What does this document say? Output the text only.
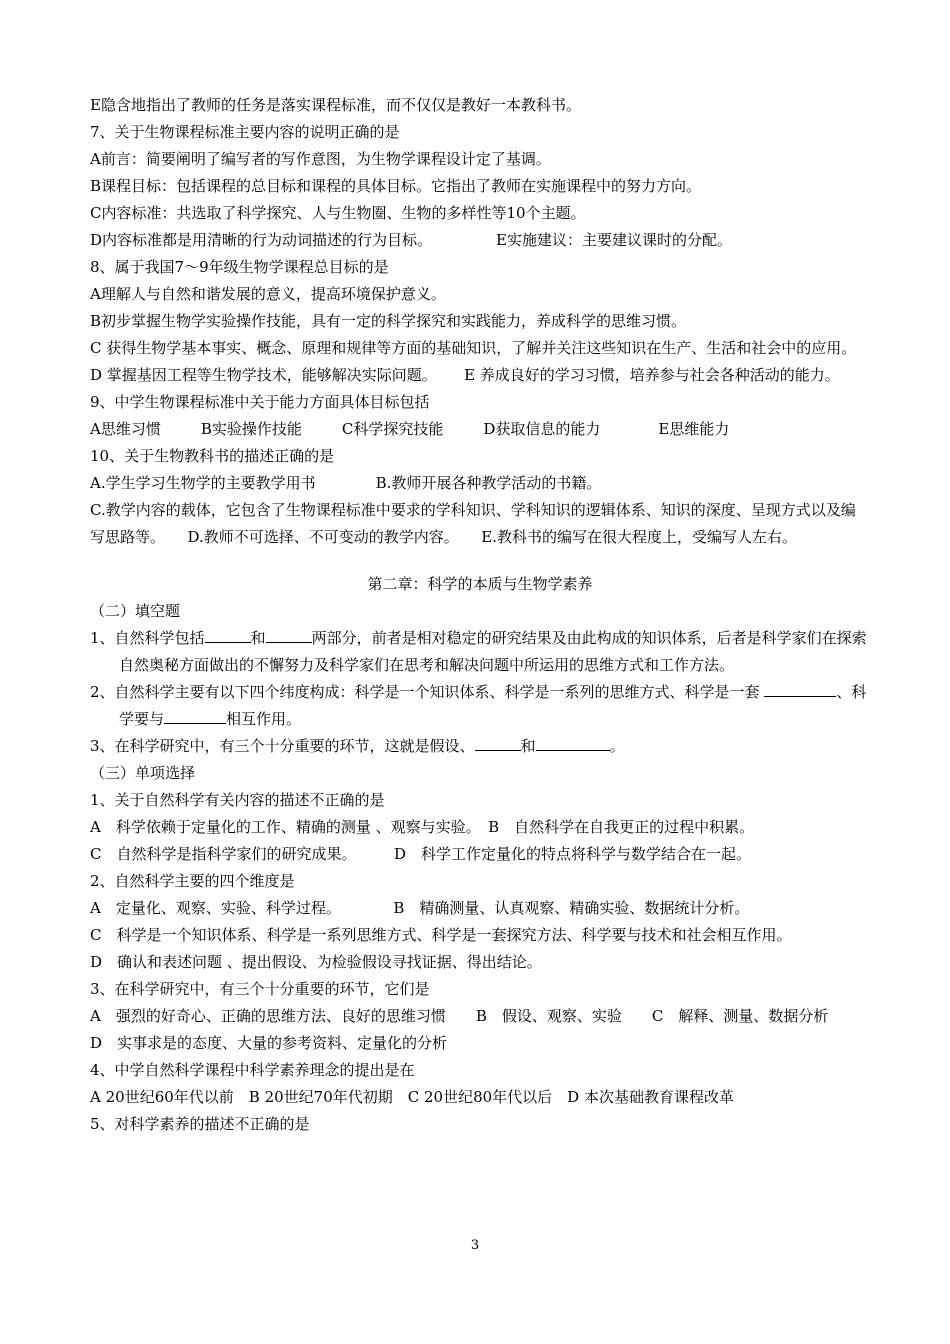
E隐含地指出了教师的任务是落实课程标准，而不仅仅是教好一本教科书。

7、关于生物课程标准主要内容的说明正确的是

A前言：简要阐明了编写者的写作意图，为生物学课程设计定了基调。

B课程目标：包括课程的总目标和课程的具体目标。它指出了教师在实施课程中的努力方向。

C内容标准：共选取了科学探究、人与生物圈、生物的多样性等10个主题。

D内容标准都是用清晰的行为动词描述的行为目标。	E实施建议：主要建议课时的分配。

8、属于我国7～9年级生物学课程总目标的是

A理解人与自然和谐发展的意义，提高环境保护意义。

B初步掌握生物学实验操作技能，具有一定的科学探究和实践能力，养成科学的思维习惯。

C 获得生物学基本事实、概念、原理和规律等方面的基础知识，了解并关注这些知识在生产、生活和社会中的应用。　　D 掌握基因工程等生物学技术，能够解决实际问题。　　 E 养成良好的学习习惯，培养参与社会各种活动的能力。

9、中学生物课程标准中关于能力方面具体目标包括

A思维习惯	B实验操作技能	C科学探究技能	D获取信息的能力	E思维能力

10、关于生物教科书的描述正确的是

A.学生学习生物学的主要教学用书	B.教师开展各种教学活动的书籍。

C.教学内容的载体，它包含了生物课程标准中要求的学科知识、学科知识的逻辑体系、知识的深度、呈现方式以及编写思路等。　　D.教师不可选择、不可变动的教学内容。　　E.教科书的编写在很大程度上，受编写人左右。

第二章：科学的本质与生物学素养

（二）填空题

1、自然科学包括	和	两部分，前者是相对稳定的研究结果及由此构成的知识体系，后者是科学家们在探索自然奥秘方面做出的不懈努力及科学家们在思考和解决问题中所运用的思维方式和工作方法。

2、自然科学主要有以下四个纬度构成：科学是一个知识体系、科学是一系列的思维方式、科学是一套	、科学要与	相互作用。

3、在科学研究中，有三个十分重要的环节，这就是假设、	和	。

（三）单项选择

1、关于自然科学有关内容的描述不正确的是

A　科学依赖于定量化的工作、精确的测量 、观察与实验。　B　自然科学在自我更正的过程中积累。

C　自然科学是指科学家们的研究成果。　　　D　科学工作定量化的特点将科学与数学结合在一起。

2、自然科学主要的四个维度是

A　定量化、观察、实验、科学过程。　　　　B　精确测量、认真观察、精确实验、数据统计分析。

C　科学是一个知识体系、科学是一系列思维方式、科学是一套探究方法、科学要与技术和社会相互作用。

D　确认和表述问题 、提出假设、为检验假设寻找证据、得出结论。

3、在科学研究中，有三个十分重要的环节，它们是

A　强烈的好奇心、正确的思维方法、良好的思维习惯　　B　假设、观察、实验　　C　解释、测量、数据分析　　　D　实事求是的态度、大量的参考资料、定量化的分析

4、中学自然科学课程中科学素养理念的提出是在

A 20世纪60年代以前　B 20世纪70年代初期　C 20世纪80年代以后　D 本次基础教育课程改革

5、对科学素养的描述不正确的是

3
